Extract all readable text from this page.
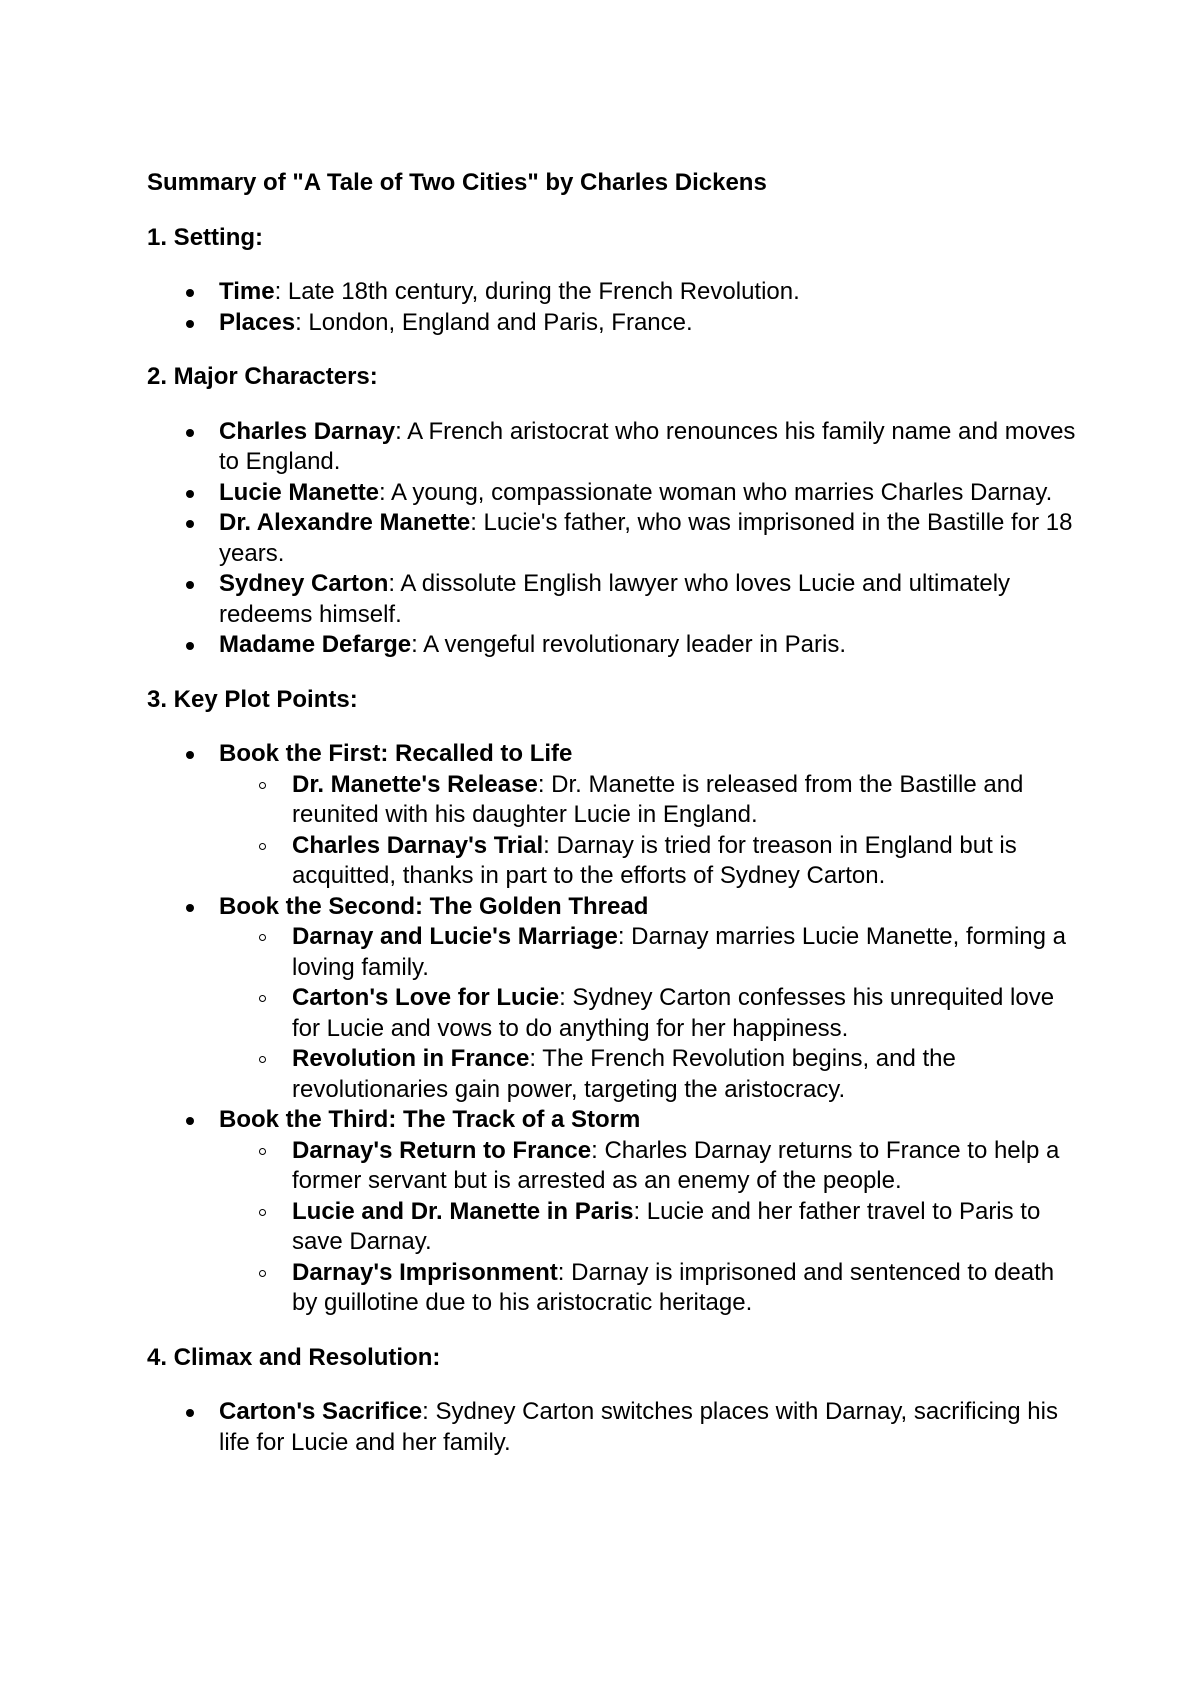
Summary of "A Tale of Two Cities" by Charles Dickens
1. Setting:
Time: Late 18th century, during the French Revolution.
Places: London, England and Paris, France.
2. Major Characters:
Charles Darnay: A French aristocrat who renounces his family name and moves to England.
Lucie Manette: A young, compassionate woman who marries Charles Darnay.
Dr. Alexandre Manette: Lucie's father, who was imprisoned in the Bastille for 18 years.
Sydney Carton: A dissolute English lawyer who loves Lucie and ultimately redeems himself.
Madame Defarge: A vengeful revolutionary leader in Paris.
3. Key Plot Points:
Book the First: Recalled to Life
Dr. Manette's Release: Dr. Manette is released from the Bastille and reunited with his daughter Lucie in England.
Charles Darnay's Trial: Darnay is tried for treason in England but is acquitted, thanks in part to the efforts of Sydney Carton.
Book the Second: The Golden Thread
Darnay and Lucie's Marriage: Darnay marries Lucie Manette, forming a loving family.
Carton's Love for Lucie: Sydney Carton confesses his unrequited love for Lucie and vows to do anything for her happiness.
Revolution in France: The French Revolution begins, and the revolutionaries gain power, targeting the aristocracy.
Book the Third: The Track of a Storm
Darnay's Return to France: Charles Darnay returns to France to help a former servant but is arrested as an enemy of the people.
Lucie and Dr. Manette in Paris: Lucie and her father travel to Paris to save Darnay.
Darnay's Imprisonment: Darnay is imprisoned and sentenced to death by guillotine due to his aristocratic heritage.
4. Climax and Resolution:
Carton's Sacrifice: Sydney Carton switches places with Darnay, sacrificing his life for Lucie and her family.
